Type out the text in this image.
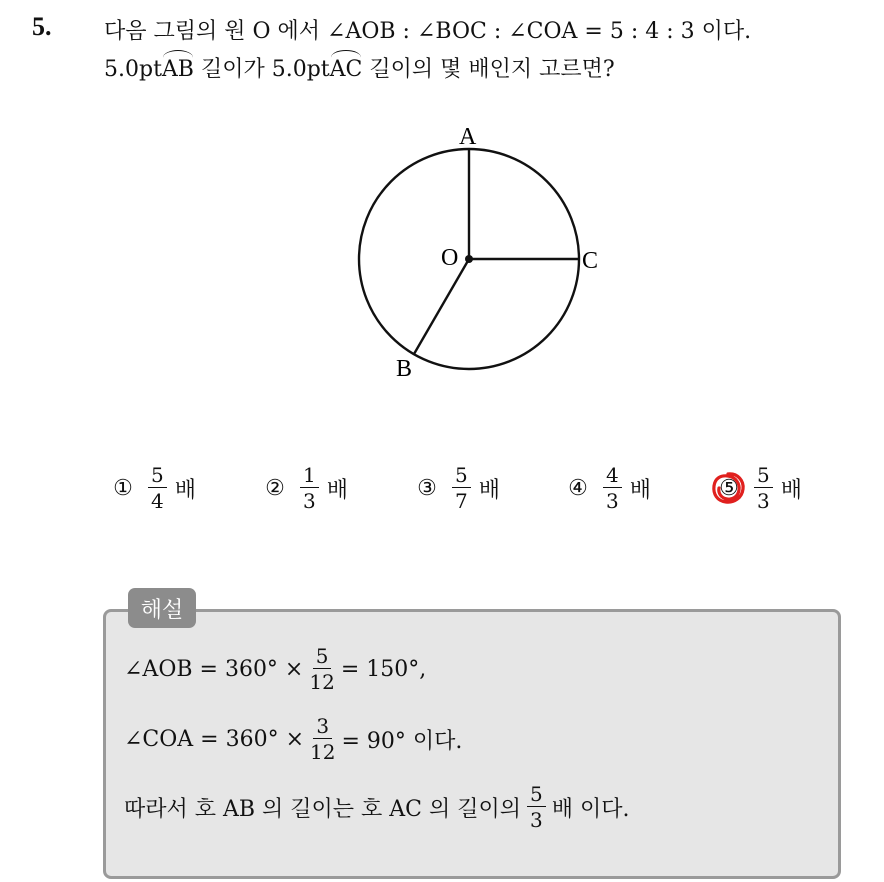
5. 다음 그림의 원 O 에서 ∠AOB : ∠BOC : ∠COA = 5 : 4 : 3 이다.
5.0ptAB 길이가 5.0ptAC 길이의 몇 배인지 고르면?
A
C
O
B
① $\frac{5}{4}$ 배	② $\frac{1}{3}$ 배	③ $\frac{5}{7}$ 배	④ $\frac{4}{3}$ 배	⑤ $\frac{5}{3}$ 배
해설
∠AOB = $360^\circ \times \frac{5}{12} = 150^\circ$,
∠COA = $360^\circ \times \frac{3}{12} = 90^\circ$ 이다.
따라서 호 AB 의 길이는 호 AC 의 길이의 $\frac{5}{3}$ 배 이다.
